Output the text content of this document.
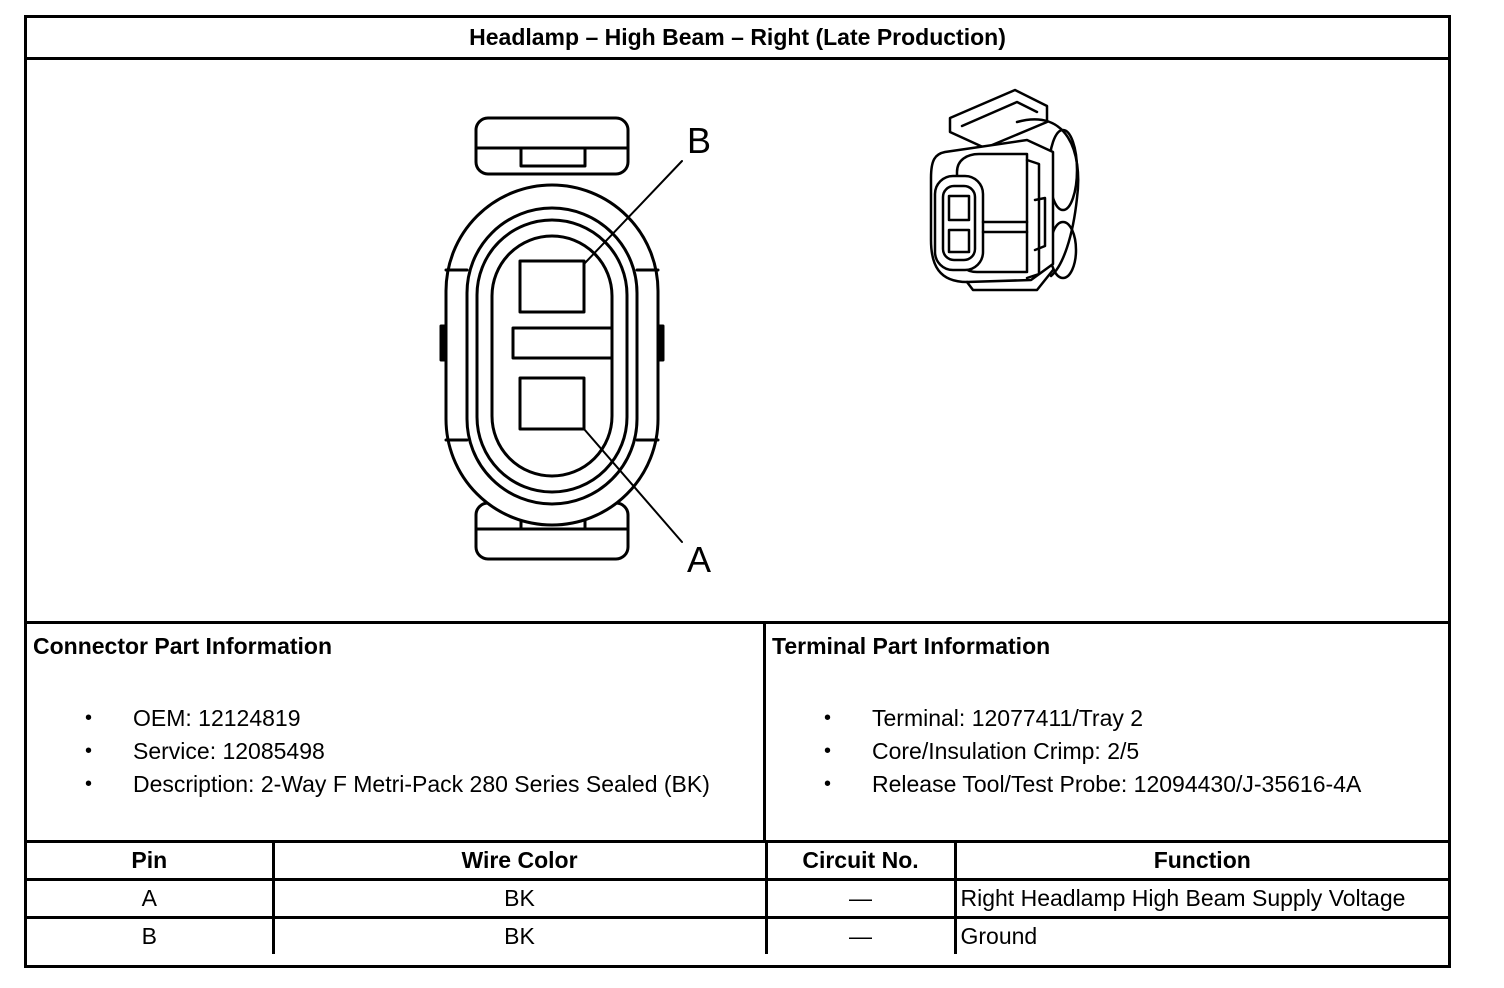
Headlamp – High Beam – Right (Late Production)
B
A
Connector Part Information
• OEM: 12124819
• Service: 12085498
• Description: 2-Way F Metri-Pack 280 Series Sealed (BK)
Terminal Part Information
• Terminal: 12077411/Tray 2
• Core/Insulation Crimp: 2/5
• Release Tool/Test Probe: 12094430/J-35616-4A
Pin	Wire Color	Circuit No.	Function
A	BK	—	Right Headlamp High Beam Supply Voltage
B	BK	—	Ground
